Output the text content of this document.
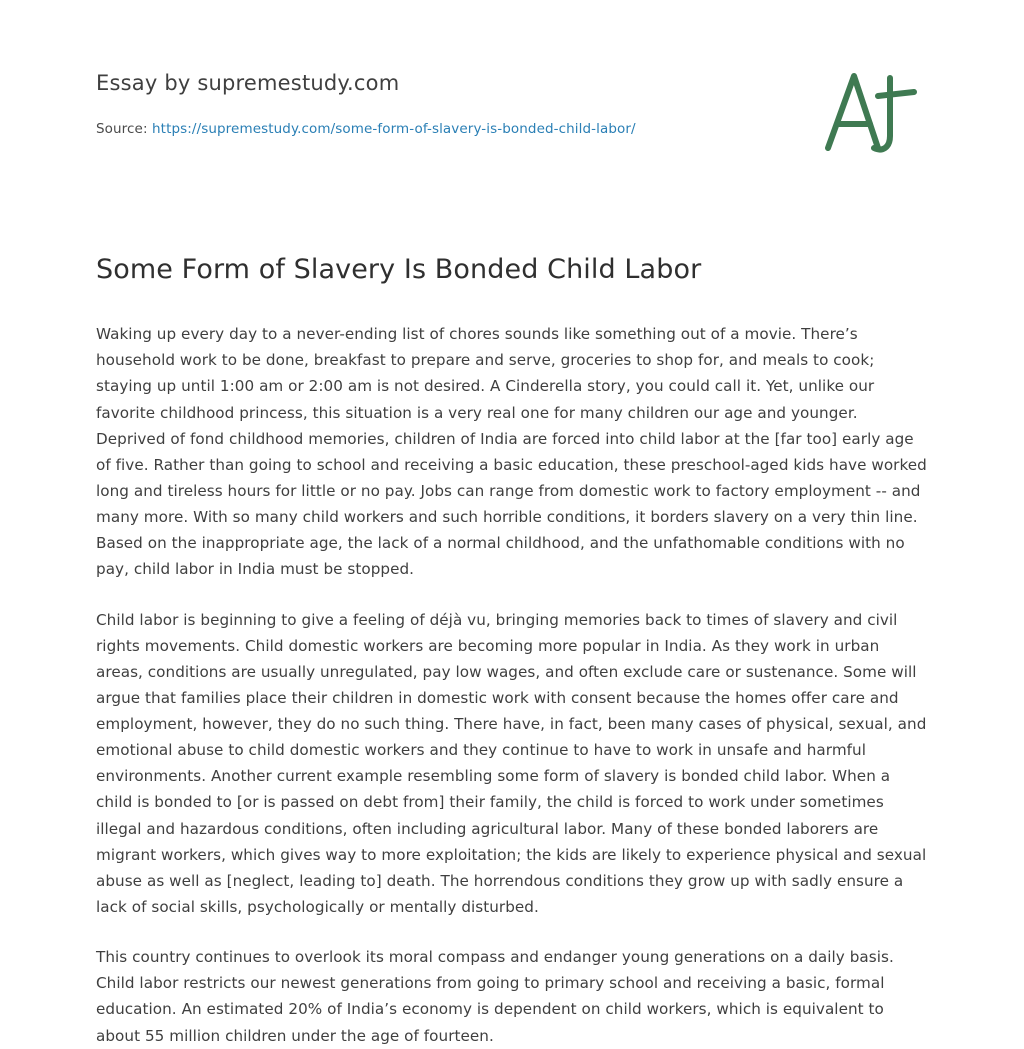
Essay by supremestudy.com
Source: https://supremestudy.com/some-form-of-slavery-is-bonded-child-labor/
Some Form of Slavery Is Bonded Child Labor

Waking up every day to a never-ending list of chores sounds like something out of a movie. There’s household work to be done, breakfast to prepare and serve, groceries to shop for, and meals to cook; staying up until 1:00 am or 2:00 am is not desired. A Cinderella story, you could call it. Yet, unlike our favorite childhood princess, this situation is a very real one for many children our age and younger. Deprived of fond childhood memories, children of India are forced into child labor at the [far too] early age of five. Rather than going to school and receiving a basic education, these preschool-aged kids have worked long and tireless hours for little or no pay. Jobs can range from domestic work to factory employment -- and many more. With so many child workers and such horrible conditions, it borders slavery on a very thin line. Based on the inappropriate age, the lack of a normal childhood, and the unfathomable conditions with no pay, child labor in India must be stopped.

Child labor is beginning to give a feeling of déjà vu, bringing memories back to times of slavery and civil rights movements. Child domestic workers are becoming more popular in India. As they work in urban areas, conditions are usually unregulated, pay low wages, and often exclude care or sustenance. Some will argue that families place their children in domestic work with consent because the homes offer care and employment, however, they do no such thing. There have, in fact, been many cases of physical, sexual, and emotional abuse to child domestic workers and they continue to have to work in unsafe and harmful environments. Another current example resembling some form of slavery is bonded child labor. When a child is bonded to [or is passed on debt from] their family, the child is forced to work under sometimes illegal and hazardous conditions, often including agricultural labor. Many of these bonded laborers are migrant workers, which gives way to more exploitation; the kids are likely to experience physical and sexual abuse as well as [neglect, leading to] death. The horrendous conditions they grow up with sadly ensure a lack of social skills, psychologically or mentally disturbed.

This country continues to overlook its moral compass and endanger young generations on a daily basis. Child labor restricts our newest generations from going to primary school and receiving a basic, formal education. An estimated 20% of India’s economy is dependent on child workers, which is equivalent to about 55 million children under the age of fourteen.
